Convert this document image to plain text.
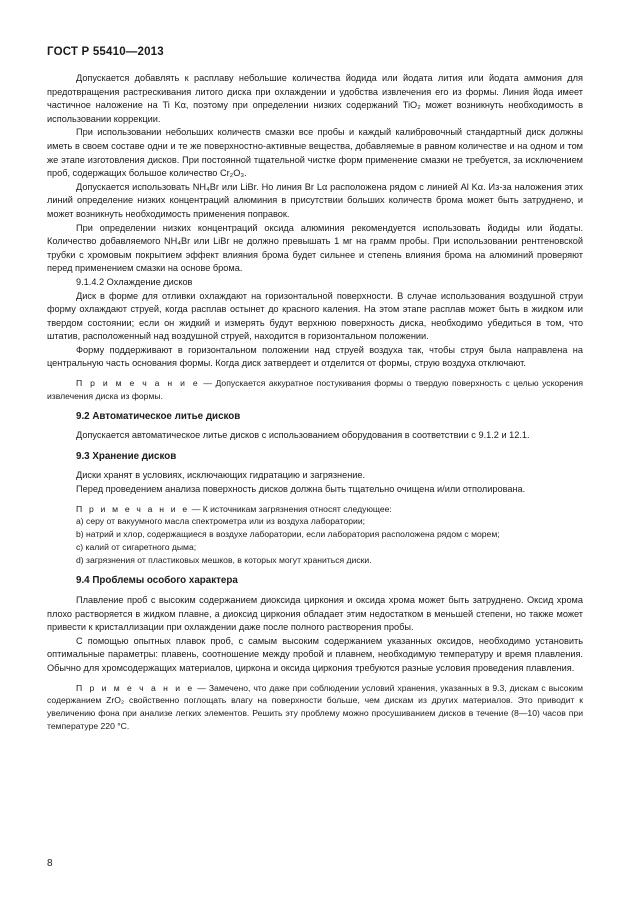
ГОСТ Р 55410—2013

Допускается добавлять к расплаву небольшие количества йодида или йодата лития или йодата аммония для предотвращения растрескивания литого диска при охлаждении и удобства извлечения его из формы. Линия йода имеет частичное наложение на Ti Kα, поэтому при определении низких содержаний TiO₂ может возникнуть необходимость в использовании коррекции.

При использовании небольших количеств смазки все пробы и каждый калибровочный стандартный диск должны иметь в своем составе одни и те же поверхностно-активные вещества, добавляемые в равном количестве и на одном и том же этапе изготовления дисков. При постоянной тщательной чистке форм применение смазки не требуется, за исключением проб, содержащих большое количество Cr₂O₃.

Допускается использовать NH₄Br или LiBr. Но линия Br Lα расположена рядом с линией Al Kα. Из-за наложения этих линий определение низких концентраций алюминия в присутствии больших количеств брома может быть затруднено, и может возникнуть необходимость применения поправок.

При определении низких концентраций оксида алюминия рекомендуется использовать йодиды или йодаты. Количество добавляемого NH₄Br или LiBr не должно превышать 1 мг на грамм пробы. При использовании рентгеновской трубки с хромовым покрытием эффект влияния брома будет сильнее и степень влияния брома на алюминий проверяют перед применением смазки на основе брома.

9.1.4.2 Охлаждение дисков

Диск в форме для отливки охлаждают на горизонтальной поверхности. В случае использования воздушной струи форму охлаждают струей, когда расплав остынет до красного каления. На этом этапе расплав может быть в жидком или твердом состоянии; если он жидкий и измерять будут верхнюю поверхность диска, необходимо убедиться в том, что штатив, расположенный над воздушной струей, находится в горизонтальном положении.

Форму поддерживают в горизонтальном положении над струей воздуха так, чтобы струя была направлена на центральную часть основания формы. Когда диск затвердеет и отделится от формы, струю воздуха отключают.

П р и м е ч а н и е — Допускается аккуратное постукивания формы о твердую поверхность с целью ускорения извлечения диска из формы.

9.2 Автоматическое литье дисков

Допускается автоматическое литье дисков с использованием оборудования в соответствии с 9.1.2 и 12.1.

9.3 Хранение дисков

Диски хранят в условиях, исключающих гидратацию и загрязнение.

Перед проведением анализа поверхность дисков должна быть тщательно очищена и/или отполирована.

П р и м е ч а н и е — К источникам загрязнения относят следующее:

а) серу от вакуумного масла спектрометра или из воздуха лаборатории;

b) натрий и хлор, содержащиеся в воздухе лаборатории, если лаборатория расположена рядом с морем;

c) калий от сигаретного дыма;

d) загрязнения от пластиковых мешков, в которых могут храниться диски.

9.4 Проблемы особого характера

Плавление проб с высоким содержанием диоксида циркония и оксида хрома может быть затруднено. Оксид хрома плохо растворяется в жидком плавне, а диоксид циркония обладает этим недостатком в меньшей степени, но также может привести к кристаллизации при охлаждении даже после полного растворения пробы.

С помощью опытных плавок проб, с самым высоким содержанием указанных оксидов, необходимо установить оптимальные параметры: плавень, соотношение между пробой и плавнем, необходимую температуру и время плавления. Обычно для хромсодержащих материалов, циркона и оксида циркония требуются разные условия проведения плавления.

П р и м е ч а н и е — Замечено, что даже при соблюдении условий хранения, указанных в 9.3, дискам с высоким содержанием ZrO₂ свойственно поглощать влагу на поверхности больше, чем дискам из других материалов. Это приводит к увеличению фона при анализе легких элементов. Решить эту проблему можно просушиванием дисков в течение (8—10) часов при температуре 220 °С.

8
